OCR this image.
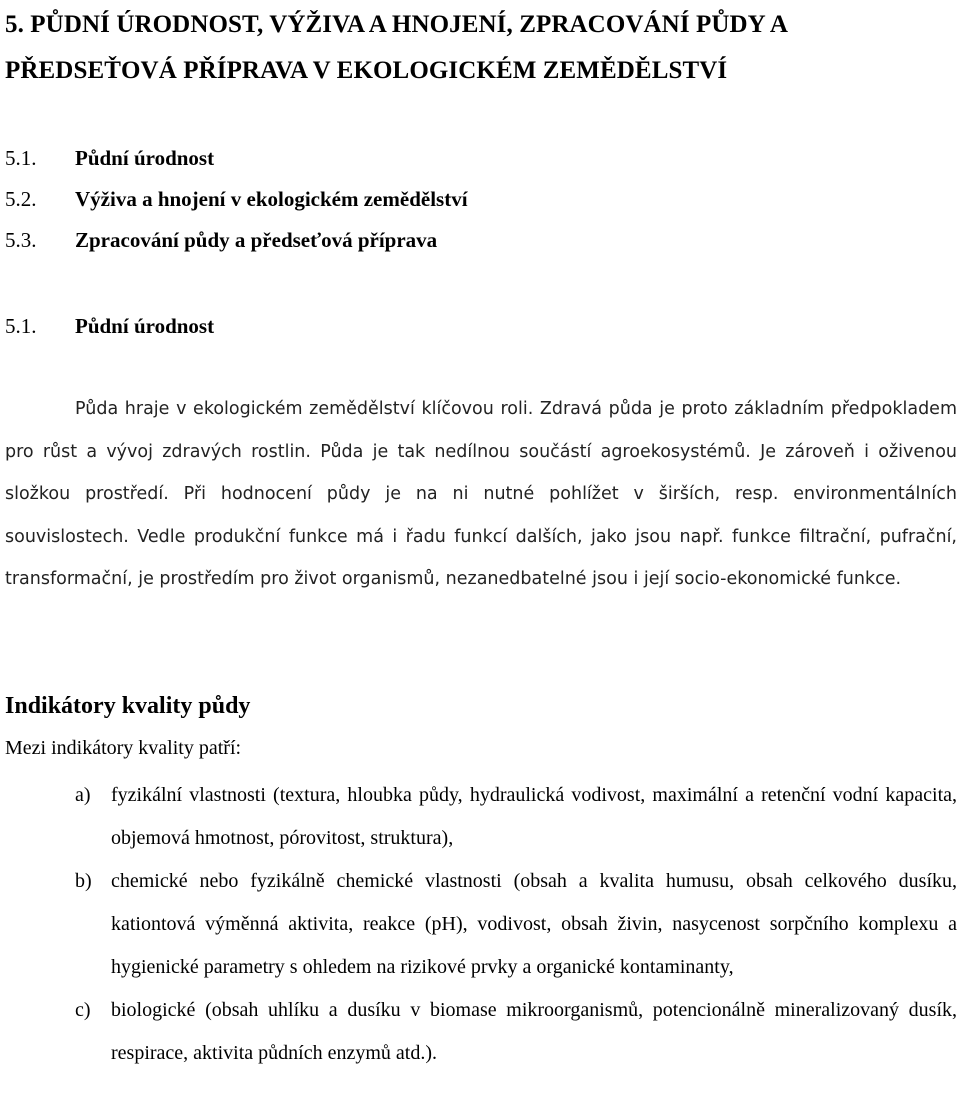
5. PŮDNÍ ÚRODNOST, VÝŽIVA A HNOJENÍ, ZPRACOVÁNÍ PŮDY A
PŘEDSEŤOVÁ PŘÍPRAVA V EKOLOGICKÉM ZEMĚDĚLSTVÍ
5.1. Půdní úrodnost
5.2. Výživa a hnojení v ekologickém zemědělství
5.3. Zpracování půdy a předseťová příprava
5.1. Půdní úrodnost

Půda hraje v ekologickém zemědělství klíčovou roli. Zdravá půda je proto základním předpokladem pro růst a vývoj zdravých rostlin. Půda je tak nedílnou součástí agroekosystémů. Je zároveň i oživenou složkou prostředí. Při hodnocení půdy je na ni nutné pohlížet v širších, resp. environmentálních souvislostech. Vedle produkční funkce má i řadu funkcí dalších, jako jsou např. funkce filtrační, pufrační, transformační, je prostředím pro život organismů, nezanedbatelné jsou i její socio-ekonomické funkce.

Indikátory kvality půdy

Mezi indikátory kvality patří:

a) fyzikální vlastnosti (textura, hloubka půdy, hydraulická vodivost, maximální a retenční vodní kapacita, objemová hmotnost, pórovitost, struktura),
b) chemické nebo fyzikálně chemické vlastnosti (obsah a kvalita humusu, obsah celkového dusíku, kationtová výměnná aktivita, reakce (pH), vodivost, obsah živin, nasycenost sorpčního komplexu a hygienické parametry s ohledem na rizikové prvky a organické kontaminanty,
c) biologické (obsah uhlíku a dusíku v biomase mikroorganismů, potencionálně mineralizovaný dusík, respirace, aktivita půdních enzymů atd.).
